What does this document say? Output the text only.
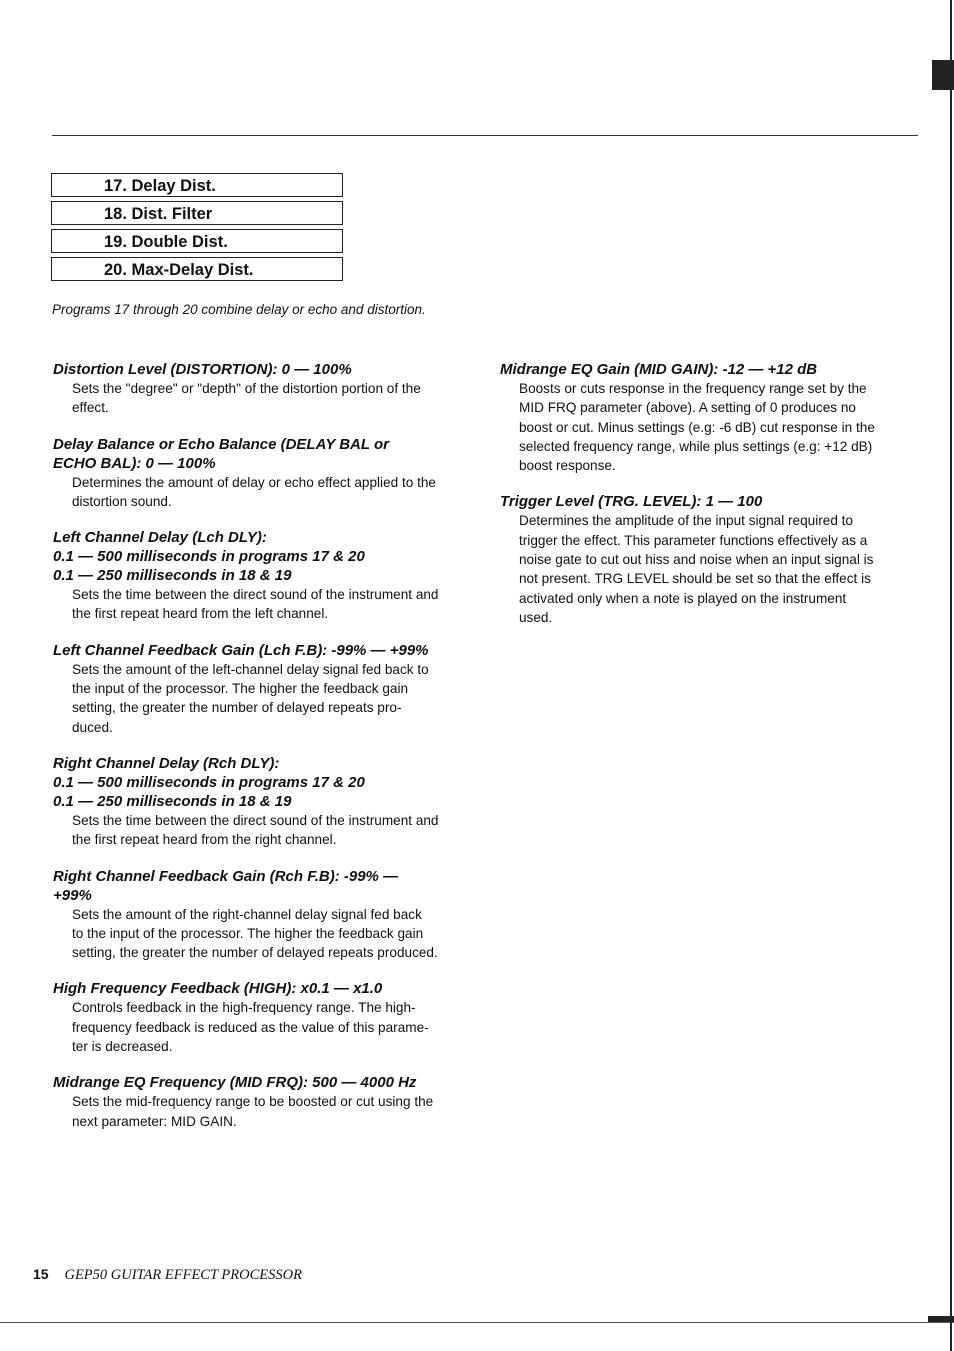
17. Delay Dist.
18. Dist. Filter
19. Double Dist.
20. Max-Delay Dist.
Programs 17 through 20 combine delay or echo and distortion.
Distortion Level (DISTORTION): 0 — 100%
Sets the "degree" or "depth" of the distortion portion of the
effect.
Delay Balance or Echo Balance (DELAY BAL or
ECHO BAL): 0 — 100%
Determines the amount of delay or echo effect applied to the
distortion sound.
Left Channel Delay (Lch DLY):
0.1 — 500 milliseconds in programs 17 & 20
0.1 — 250 milliseconds in 18 & 19
Sets the time between the direct sound of the instrument and
the first repeat heard from the left channel.
Left Channel Feedback Gain (Lch F.B): -99% — +99%
Sets the amount of the left-channel delay signal fed back to
the input of the processor. The higher the feedback gain
setting, the greater the number of delayed repeats pro-
duced.
Right Channel Delay (Rch DLY):
0.1 — 500 milliseconds in programs 17 & 20
0.1 — 250 milliseconds in 18 & 19
Sets the time between the direct sound of the instrument and
the first repeat heard from the right channel.
Right Channel Feedback Gain (Rch F.B): -99% —
+99%
Sets the amount of the right-channel delay signal fed back
to the input of the processor. The higher the feedback gain
setting, the greater the number of delayed repeats produced.
High Frequency Feedback (HIGH): x0.1 — x1.0
Controls feedback in the high-frequency range. The high-
frequency feedback is reduced as the value of this parame-
ter is decreased.
Midrange EQ Frequency (MID FRQ): 500 — 4000 Hz
Sets the mid-frequency range to be boosted or cut using the
next parameter: MID GAIN.
Midrange EQ Gain (MID GAIN): -12 — +12 dB
Boosts or cuts response in the frequency range set by the
MID FRQ parameter (above). A setting of 0 produces no
boost or cut. Minus settings (e.g: -6 dB) cut response in the
selected frequency range, while plus settings (e.g: +12 dB)
boost response.
Trigger Level (TRG. LEVEL): 1 — 100
Determines the amplitude of the input signal required to
trigger the effect. This parameter functions effectively as a
noise gate to cut out hiss and noise when an input signal is
not present. TRG LEVEL should be set so that the effect is
activated only when a note is played on the instrument
used.
15 GEP50 GUITAR EFFECT PROCESSOR
